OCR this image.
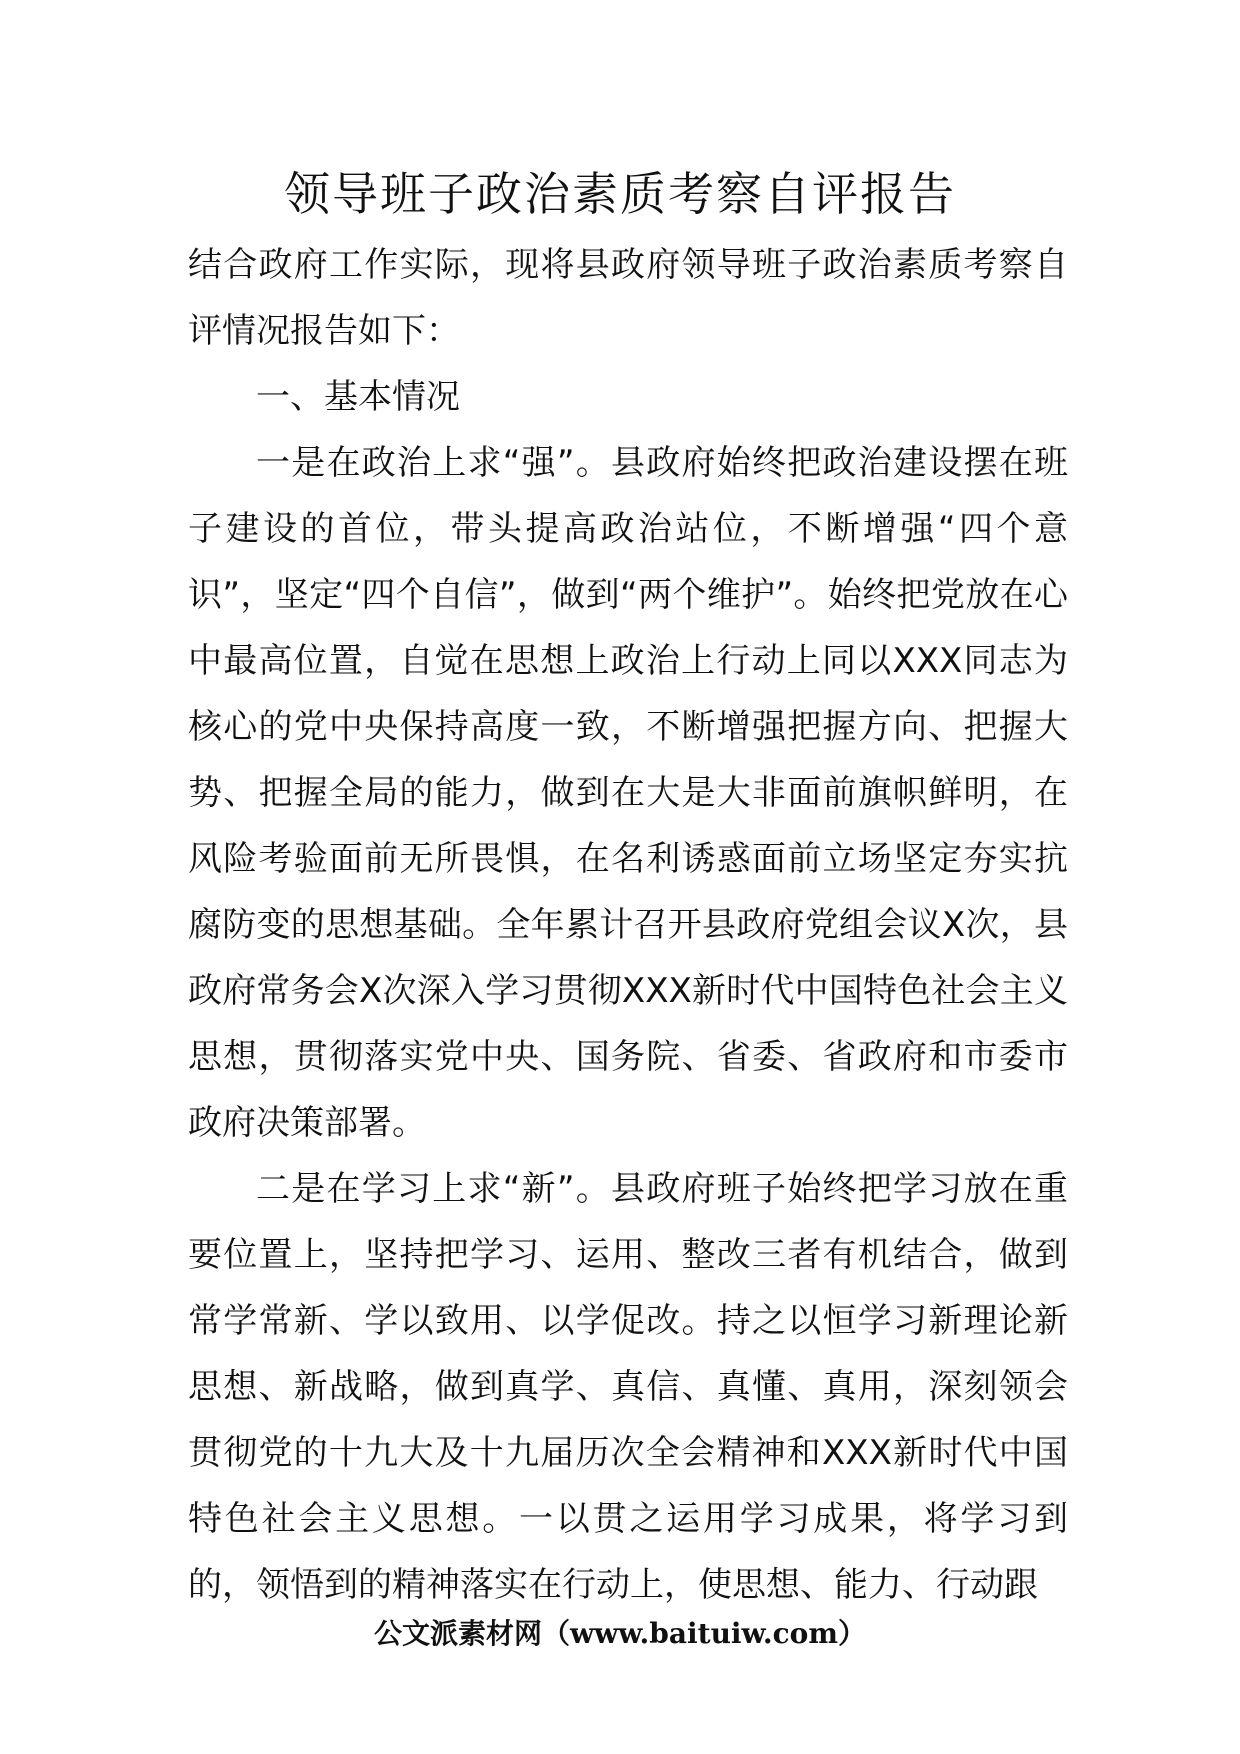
领导班子政治素质考察自评报告

结合政府工作实际，现将县政府领导班子政治素质考察自评情况报告如下：

一、基本情况

一是在政治上求“强”。县政府始终把政治建设摆在班子建设的首位，带头提高政治站位，不断增强“四个意识”，坚定“四个自信”，做到“两个维护”。始终把党放在心中最高位置，自觉在思想上政治上行动上同以XXX同志为核心的党中央保持高度一致，不断增强把握方向、把握大势、把握全局的能力，做到在大是大非面前旗帜鲜明，在风险考验面前无所畏惧，在名利诱惑面前立场坚定夯实抗腐防变的思想基础。全年累计召开县政府党组会议X次，县政府常务会X次深入学习贯彻XXX新时代中国特色社会主义思想，贯彻落实党中央、国务院、省委、省政府和市委市政府决策部署。

二是在学习上求“新”。县政府班子始终把学习放在重要位置上，坚持把学习、运用、整改三者有机结合，做到常学常新、学以致用、以学促改。持之以恒学习新理论新思想、新战略，做到真学、真信、真懂、真用，深刻领会贯彻党的十九大及十九届历次全会精神和XXX新时代中国特色社会主义思想。一以贯之运用学习成果，将学习到的，领悟到的精神落实在行动上，使思想、能力、行动跟

公文派素材网（www.baituiw.com）
